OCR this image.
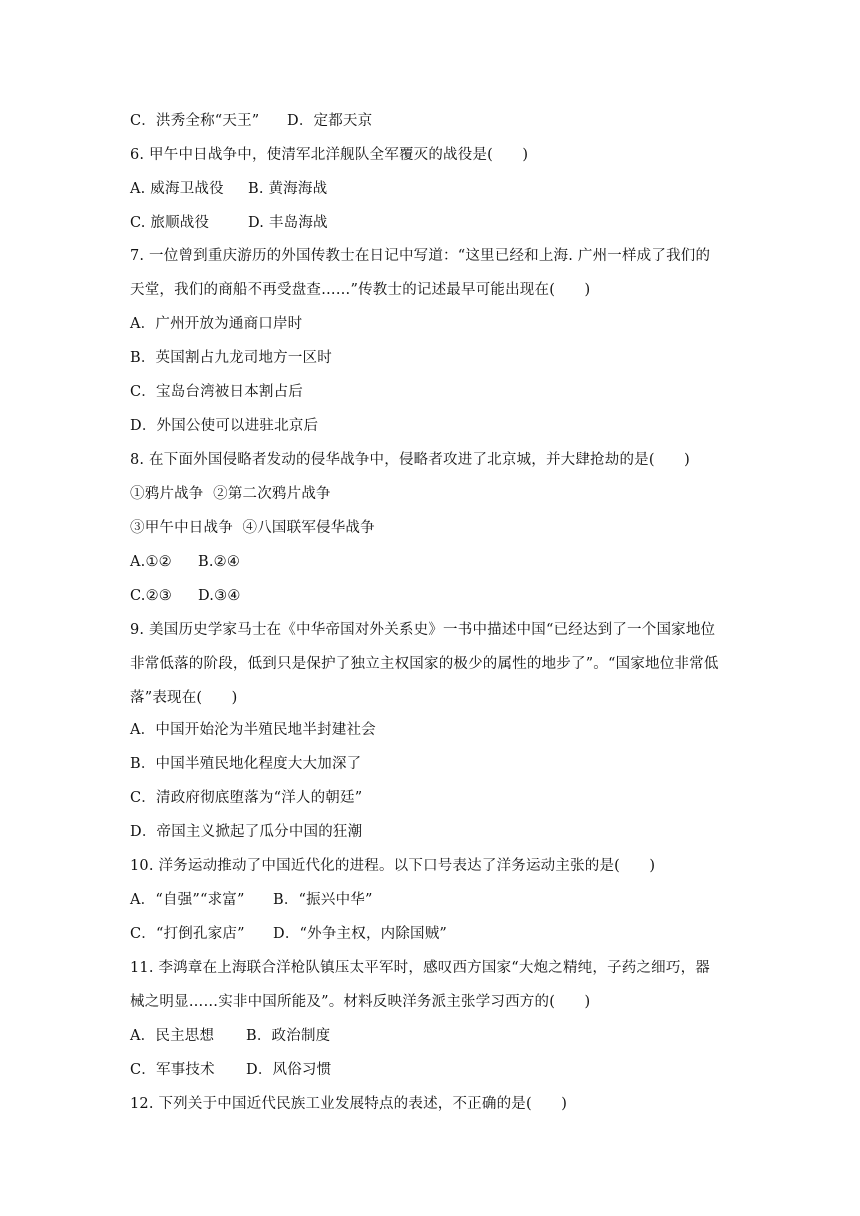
C．洪秀全称“天王” D．定都天京
6. 甲午中日战争中，使清军北洋舰队全军覆灭的战役是(　　)
A. 威海卫战役 B. 黄海海战
C. 旅顺战役	D. 丰岛海战
7. 一位曾到重庆游历的外国传教士在日记中写道：“这里已经和上海. 广州一样成了我们的
天堂，我们的商船不再受盘查……”传教士的记述最早可能出现在(　　)
A．广州开放为通商口岸时
B．英国割占九龙司地方一区时
C．宝岛台湾被日本割占后
D．外国公使可以进驻北京后
8. 在下面外国侵略者发动的侵华战争中，侵略者攻进了北京城，并大肆抢劫的是(　　)
①鸦片战争  ②第二次鸦片战争
③甲午中日战争  ④八国联军侵华战争
A.①② B.②④
C.②③ D.③④
9. 美国历史学家马士在《中华帝国对外关系史》一书中描述中国“已经达到了一个国家地位
非常低落的阶段，低到只是保护了独立主权国家的极少的属性的地步了”。“国家地位非常低
落”表现在(　　)
A．中国开始沦为半殖民地半封建社会
B．中国半殖民地化程度大大加深了
C．清政府彻底堕落为“洋人的朝廷”
D．帝国主义掀起了瓜分中国的狂潮
10. 洋务运动推动了中国近代化的进程。以下口号表达了洋务运动主张的是(　　)
A．“自强”“求富” B．“振兴中华”
C．“打倒孔家店” D．“外争主权，内除国贼”
11. 李鸿章在上海联合洋枪队镇压太平军时，感叹西方国家“大炮之精纯，子药之细巧，器
械之明显……实非中国所能及”。材料反映洋务派主张学习西方的(　　)
A．民主思想 B．政治制度
C．军事技术 D．风俗习惯
12. 下列关于中国近代民族工业发展特点的表述，不正确的是(　　)
